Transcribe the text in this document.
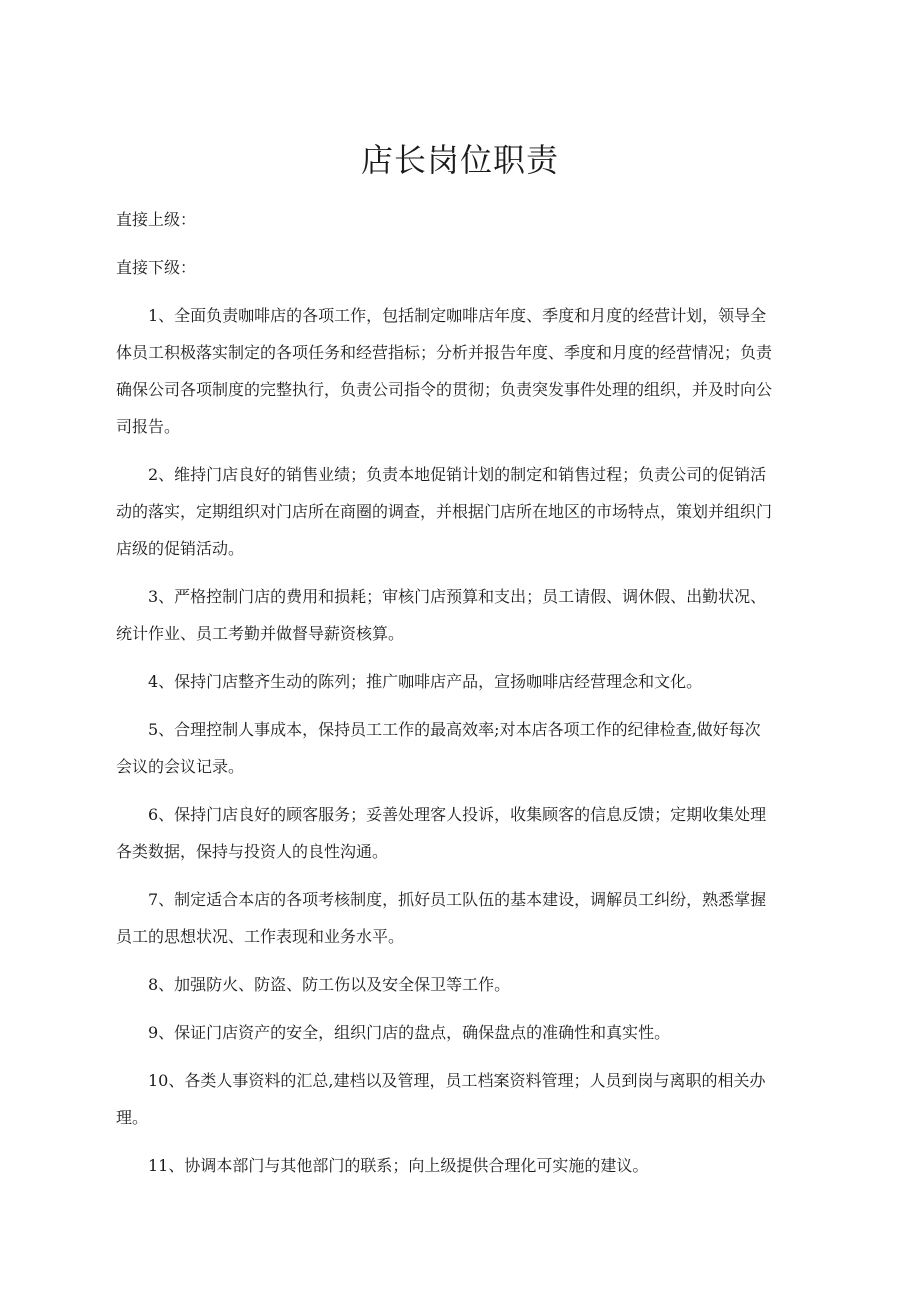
店长岗位职责

直接上级：

直接下级：

1、全面负责咖啡店的各项工作，包括制定咖啡店年度、季度和月度的经营计划，领导全

体员工积极落实制定的各项任务和经营指标；分析并报告年度、季度和月度的经营情况；负责

确保公司各项制度的完整执行，负责公司指令的贯彻；负责突发事件处理的组织，并及时向公

司报告。

2、维持门店良好的销售业绩；负责本地促销计划的制定和销售过程；负责公司的促销活

动的落实，定期组织对门店所在商圈的调查，并根据门店所在地区的市场特点，策划并组织门

店级的促销活动。

3、严格控制门店的费用和损耗；审核门店预算和支出；员工请假、调休假、出勤状况、

统计作业、员工考勤并做督导薪资核算。

4、保持门店整齐生动的陈列；推广咖啡店产品，宣扬咖啡店经营理念和文化。

5、合理控制人事成本，保持员工工作的最高效率;对本店各项工作的纪律检查,做好每次

会议的会议记录。

6、保持门店良好的顾客服务；妥善处理客人投诉，收集顾客的信息反馈；定期收集处理

各类数据，保持与投资人的良性沟通。

7、制定适合本店的各项考核制度，抓好员工队伍的基本建设，调解员工纠纷，熟悉掌握

员工的思想状况、工作表现和业务水平。

8、加强防火、防盗、防工伤以及安全保卫等工作。

9、保证门店资产的安全，组织门店的盘点，确保盘点的准确性和真实性。

10、各类人事资料的汇总,建档以及管理，员工档案资料管理；人员到岗与离职的相关办

理。

11、协调本部门与其他部门的联系；向上级提供合理化可实施的建议。
